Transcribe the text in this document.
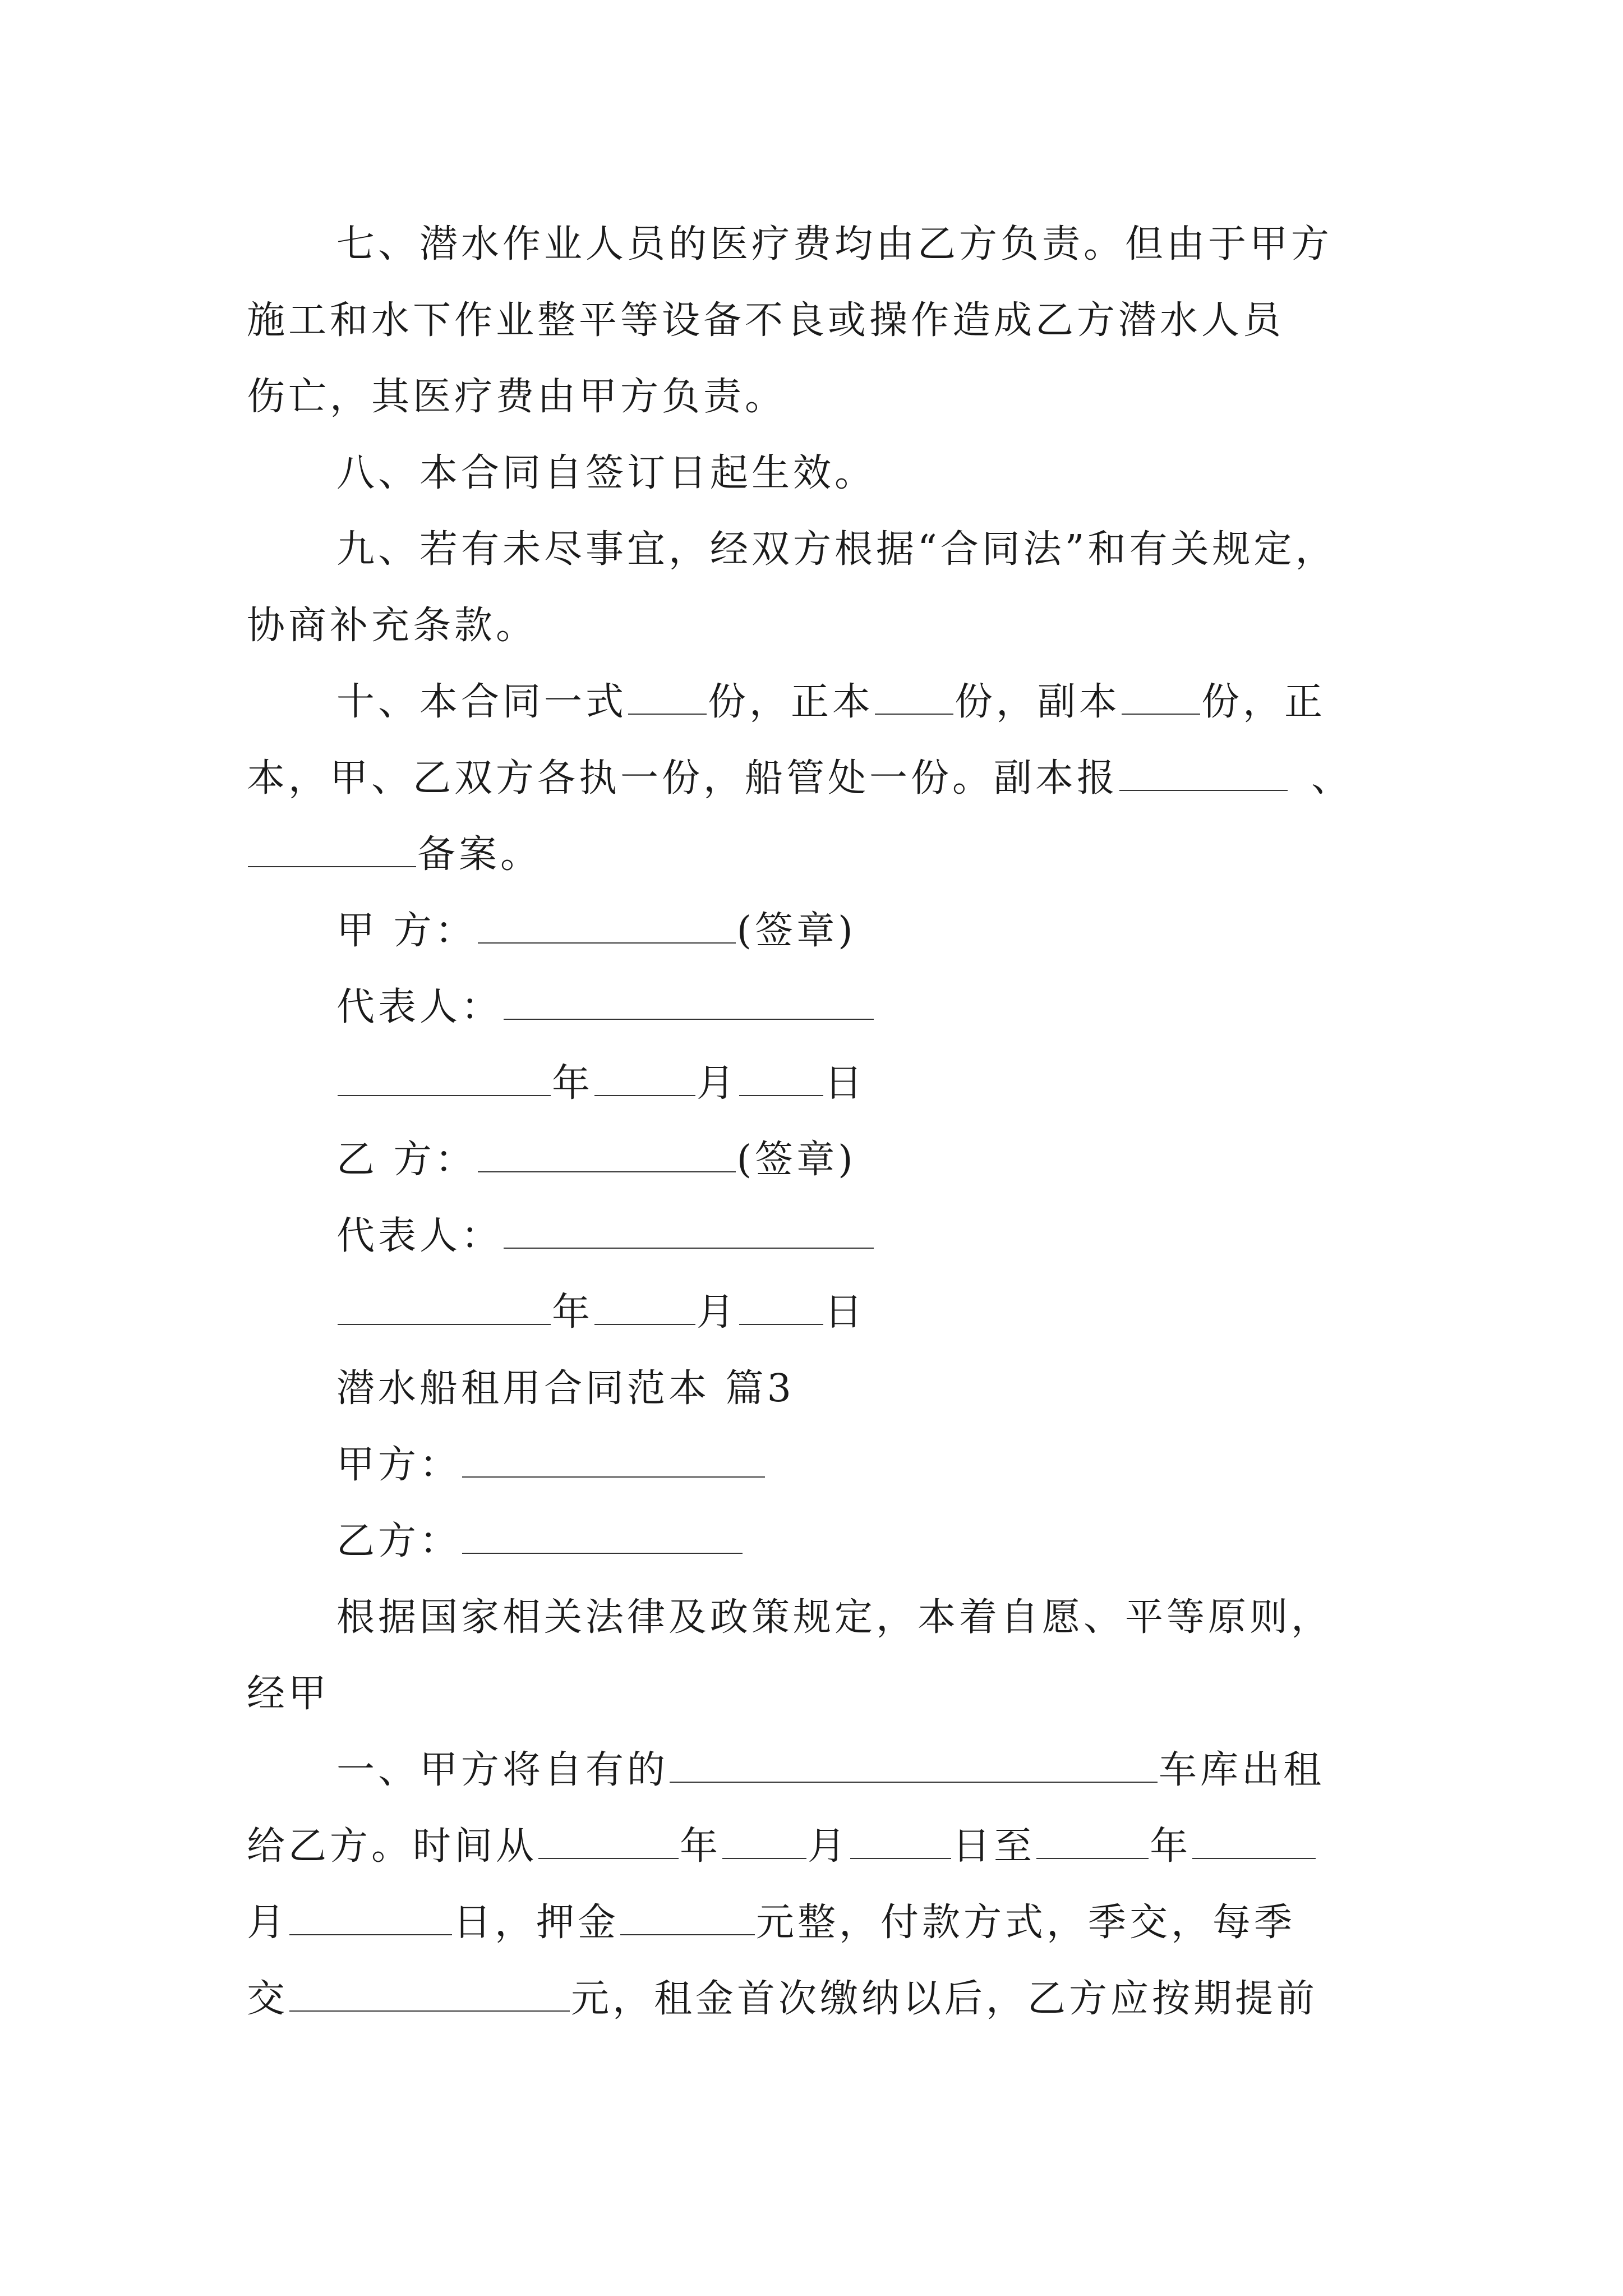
七、潜水作业人员的医疗费均由乙方负责。但由于甲方
施工和水下作业整平等设备不良或操作造成乙方潜水人员
伤亡，其医疗费由甲方负责。
八、本合同自签订日起生效。
九、若有未尽事宜，经双方根据“合同法”和有关规定，
协商补充条款。
十、本合同一式 份，正本 份，副本 份，正
本，甲、乙双方各执一份，船管处一份。副本报	、
备案。
甲 方：	(签章)
代表人：
年	月 日
乙 方：	(签章)
代表人：
年	月 日
潜水船租用合同范本 篇3
甲方：
乙方：
根据国家相关法律及政策规定，本着自愿、平等原则，
经甲
一、甲方将自有的	车库出租
给乙方。时间从	年 月	日至	年
月	日，押金	元整，付款方式，季交，每季
交	元，租金首次缴纳以后，乙方应按期提前
